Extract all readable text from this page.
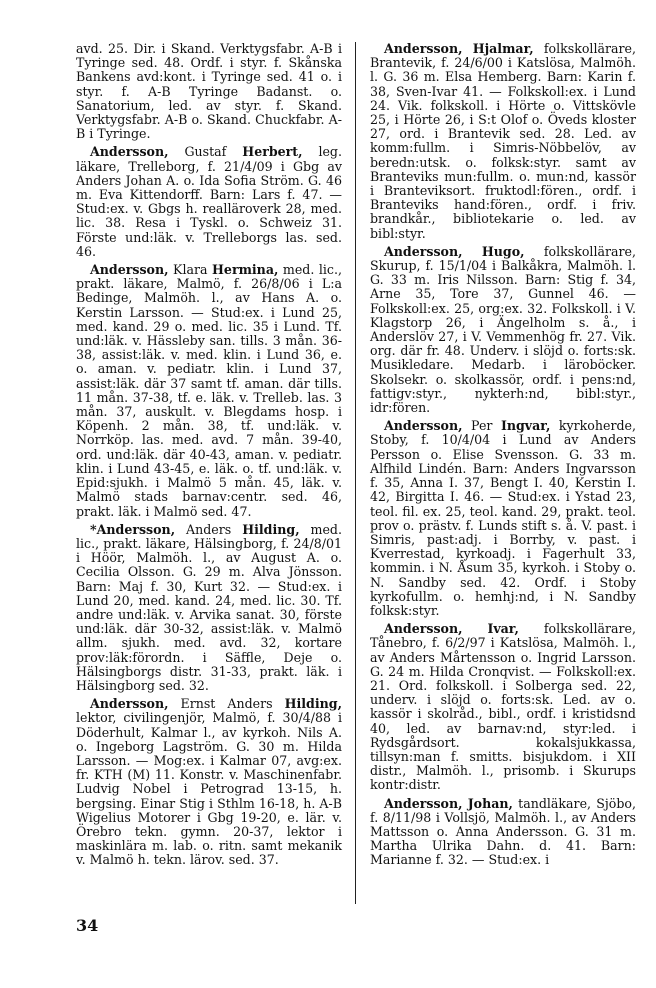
avd. 25. Dir. i Skand. Verktygsfabr. A-B i Tyringe sed. 48. Ordf. i styr. f. Skånska Bankens avd:kont. i Tyringe sed. 41 o. i styr. f. A-B Tyringe Badanst. o. Sanatorium, led. av styr. f. Skand. Verktygsfabr. A-B o. Skand. Chuckfabr. A-B i Tyringe.

Andersson, Gustaf Herbert, leg. läkare, Trelleborg, f. 21/4/09 i Gbg av Anders Johan A. o. Ida Sofia Ström. G. 46 m. Eva Kittendorff. Barn: Lars f. 47. — Stud:ex. v. Gbgs h. realläroverk 28, med. lic. 38. Resa i Tyskl. o. Schweiz 31. Förste und:läk. v. Trelleborgs las. sed. 46.

Andersson, Klara Hermina, med. lic., prakt. läkare, Malmö, f. 26/8/06 i L:a Bedinge, Malmöh. l., av Hans A. o. Kerstin Larsson. — Stud:ex. i Lund 25, med. kand. 29 o. med. lic. 35 i Lund. Tf. und:läk. v. Hässleby san. tills. 3 mån. 36-38, assist:läk. v. med. klin. i Lund 36, e. o. aman. v. pediatr. klin. i Lund 37, assist:läk. där 37 samt tf. aman. där tills. 11 mån. 37-38, tf. e. läk. v. Trelleb. las. 3 mån. 37, auskult. v. Blegdams hosp. i Köpenh. 2 mån. 38, tf. und:läk. v. Norrköp. las. med. avd. 7 mån. 39-40, ord. und:läk. där 40-43, aman. v. pediatr. klin. i Lund 43-45, e. läk. o. tf. und:läk. v. Epid:sjukh. i Malmö 5 mån. 45, läk. v. Malmö stads barnav:centr. sed. 46, prakt. läk. i Malmö sed. 47.

*Andersson, Anders Hilding, med. lic., prakt. läkare, Hälsingborg, f. 24/8/01 i Höör, Malmöh. l., av August A. o. Cecilia Olsson. G. 29 m. Alva Jönsson. Barn: Maj f. 30, Kurt 32. — Stud:ex. i Lund 20, med. kand. 24, med. lic. 30. Tf. andre und:läk. v. Arvika sanat. 30, förste und:läk. där 30-32, assist:läk. v. Malmö allm. sjukh. med. avd. 32, kortare prov:läk:förordn. i Säffle, Deje o. Hälsingborgs distr. 31-33, prakt. läk. i Hälsingborg sed. 32.

Andersson, Ernst Anders Hilding, lektor, civilingenjör, Malmö, f. 30/4/88 i Döderhult, Kalmar l., av kyrkoh. Nils A. o. Ingeborg Lagström. G. 30 m. Hilda Larsson. — Mog:ex. i Kalmar 07, avg:ex. fr. KTH (M) 11. Konstr. v. Maschinenfabr. Ludvig Nobel i Petrograd 13-15, h. bergsing. Einar Stig i Sthlm 16-18, h. A-B Wigelius Motorer i Gbg 19-20, e. lär. v. Örebro tekn. gymn. 20-37, lektor i maskinlära m. lab. o. ritn. samt mekanik v. Malmö h. tekn. lärov. sed. 37.

Andersson, Hjalmar, folkskollärare, Brantevik, f. 24/6/00 i Katslösa, Malmöh. l. G. 36 m. Elsa Hemberg. Barn: Karin f. 38, Sven-Ivar 41. — Folkskoll:ex. i Lund 24. Vik. folkskoll. i Hörte o. Vittskövle 25, i Hörte 26, i S:t Olof o. Öveds kloster 27, ord. i Brantevik sed. 28. Led. av komm:fullm. i Simris-Nöbbelöv, av beredn:utsk. o. folksk:styr. samt av Branteviks mun:fullm. o. mun:nd, kassör i Branteviksort. fruktodl:fören., ordf. i Branteviks hand:fören., ordf. i friv. brandkår., bibliotekarie o. led. av bibl:styr.

Andersson, Hugo, folkskollärare, Skurup, f. 15/1/04 i Balkåkra, Malmöh. l. G. 33 m. Iris Nilsson. Barn: Stig f. 34, Arne 35, Tore 37, Gunnel 46. — Folkskoll:ex. 25, org:ex. 32. Folkskoll. i V. Klagstorp 26, i Ängelholm s. å., i Anderslöv 27, i V. Vemmenhög fr. 27. Vik. org. där fr. 48. Underv. i slöjd o. forts:sk. Musikledare. Medarb. i läroböcker. Skolsekr. o. skolkassör, ordf. i pens:nd, fattigv:styr., nykterh:nd, bibl:styr., idr:fören.

Andersson, Per Ingvar, kyrkoherde, Stoby, f. 10/4/04 i Lund av Anders Persson o. Elise Svensson. G. 33 m. Alfhild Lindén. Barn: Anders Ingvarsson f. 35, Anna I. 37, Bengt I. 40, Kerstin I. 42, Birgitta I. 46. — Stud:ex. i Ystad 23, teol. fil. ex. 25, teol. kand. 29, prakt. teol. prov o. prästv. f. Lunds stift s. å. V. past. i Simris, past:adj. i Borrby, v. past. i Kverrestad, kyrkoadj. i Fagerhult 33, kommin. i N. Åsum 35, kyrkoh. i Stoby o. N. Sandby sed. 42. Ordf. i Stoby kyrkofullm. o. hemhj:nd, i N. Sandby folksk:styr.

Andersson, Ivar, folkskollärare, Tånebro, f. 6/2/97 i Katslösa, Malmöh. l., av Anders Mårtensson o. Ingrid Larsson. G. 24 m. Hilda Cronqvist. — Folkskoll:ex. 21. Ord. folkskoll. i Solberga sed. 22, underv. i slöjd o. forts:sk. Led. av o. kassör i skolråd., bibl., ordf. i kristidsnd 40, led. av barnav:nd, styr:led. i Rydsgårdsort. kokalsjukkassa, tillsyn:man f. smitts. bisjukdom. i XII distr., Malmöh. l., prisomb. i Skurups kontr:distr.

Andersson, Johan, tandläkare, Sjöbo, f. 8/11/98 i Vollsjö, Malmöh. l., av Anders Mattsson o. Anna Andersson. G. 31 m. Martha Ulrika Dahn. d. 41. Barn: Marianne f. 32. — Stud:ex. i

34
